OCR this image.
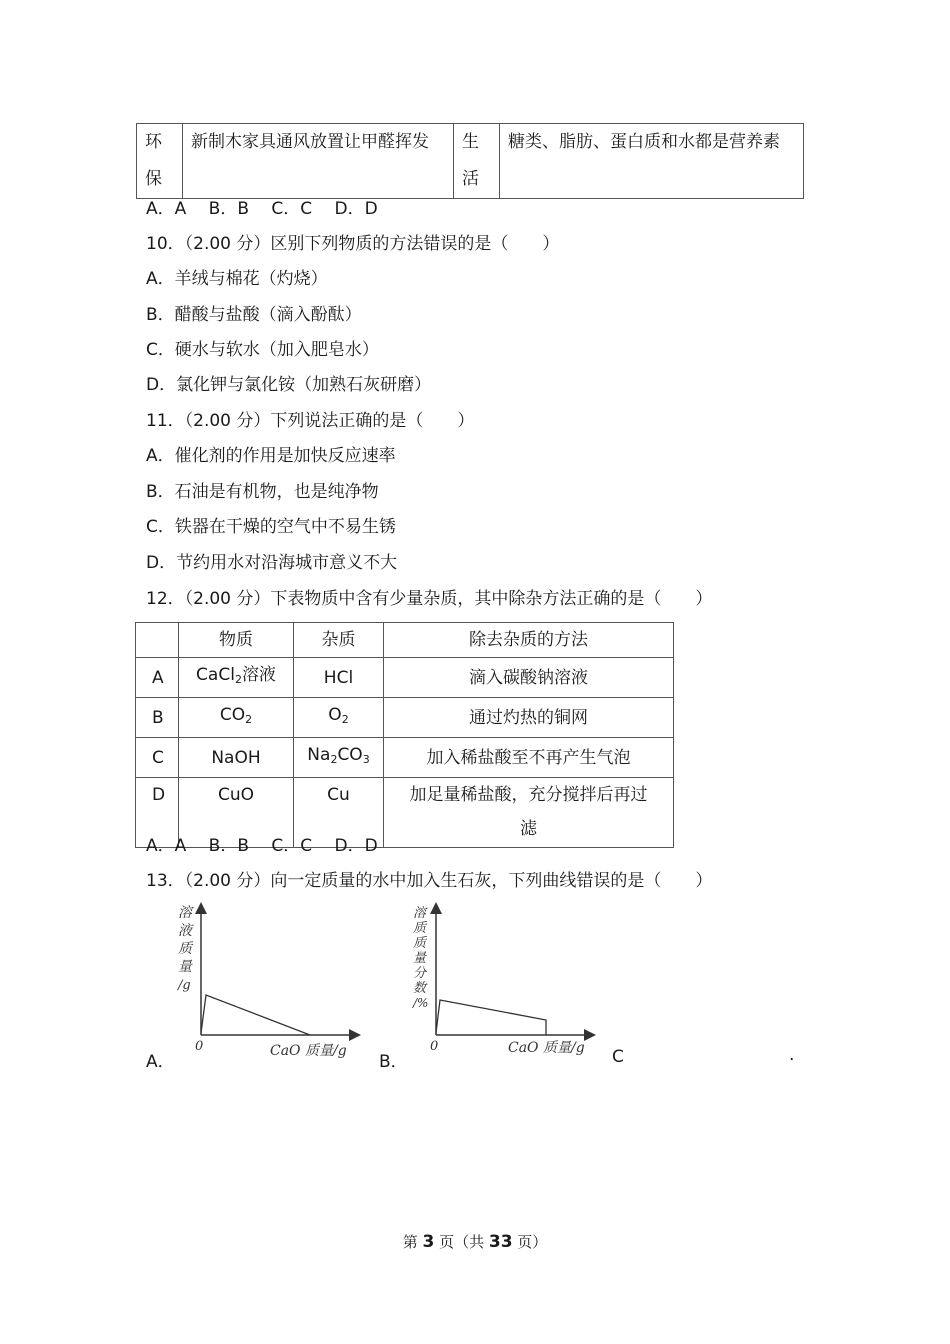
环保	新制木家具通风放置让甲醛挥发	生活	糖类、脂肪、蛋白质和水都是营养素
A．A　 B．B　 C．C　 D．D
10．（2.00 分）区别下列物质的方法错误的是（　　）
A．羊绒与棉花（灼烧）
B．醋酸与盐酸（滴入酚酞）
C．硬水与软水（加入肥皂水）
D．氯化钾与氯化铵（加熟石灰研磨）
11．（2.00 分）下列说法正确的是（　　）
A．催化剂的作用是加快反应速率
B．石油是有机物，也是纯净物
C．铁器在干燥的空气中不易生锈
D．节约用水对沿海城市意义不大
12．（2.00 分）下表物质中含有少量杂质，其中除杂方法正确的是（　　）
	物质	杂质	除去杂质的方法
A	CaCl$_2$溶液	HCl	滴入碳酸钠溶液
B	$CO_2$	$O_2$	通过灼热的铜网
C	NaOH	$Na_2CO_3$	加入稀盐酸至不再产生气泡
D	CuO	Cu	加足量稀盐酸，充分搅拌后再过
滤
A．A　 B．B　 C．C　 D．D
13．（2.00 分）向一定质量的水中加入生石灰，下列曲线错误的是（　　）
溶
液
质
量
/g
0	CaO 质量/g
溶
质
质
量
分
数
/%
0	CaO 质量/g
A．	B．	C	.
第 3 页（共 33 页）
